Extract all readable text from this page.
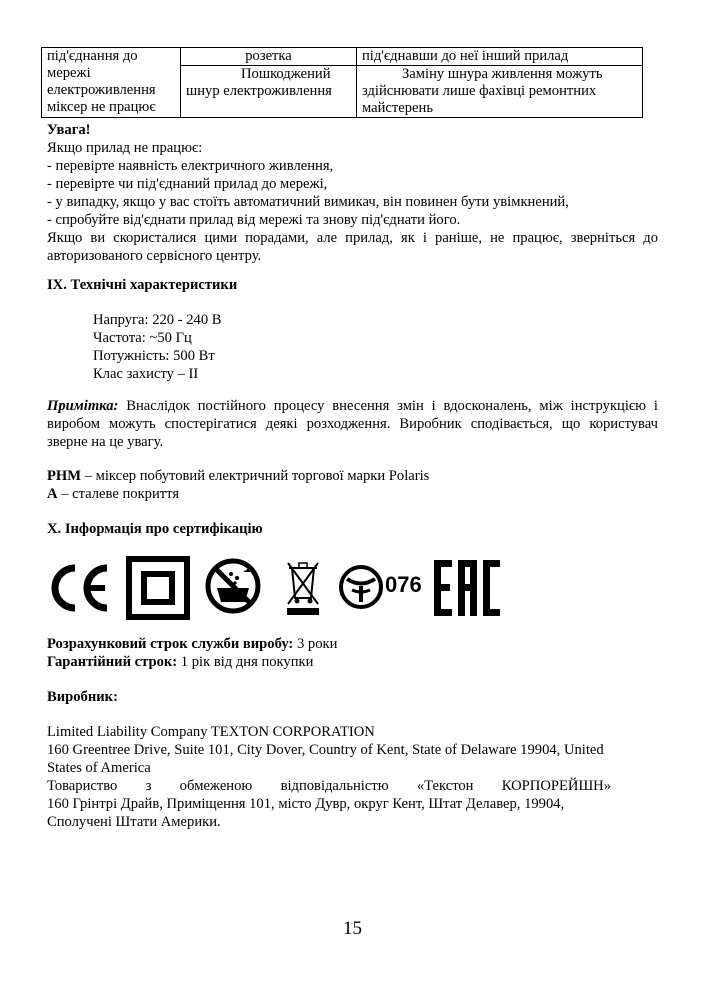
під'єднання до
мережі
електроживлення
міксер не працює	розетка	під'єднавши до неї інший прилад
	Пошкоджений шнур електроживлення	Заміну шнура живлення можуть здійснювати лише фахівці ремонтних майстерень

Увага!

Якщо прилад не працює:

- перевірте наявність електричного живлення,

- перевірте чи під'єднаний прилад до мережі,

- у випадку, якщо у вас стоїть автоматичний вимикач, він повинен бути увімкнений,

- спробуйте від'єднати прилад від мережі та знову під'єднати його.

Якщо ви скористалися цими порадами, але прилад, як і раніше, не працює, зверніться до авторизованого сервісного центру.

IX. Технічні характеристики

Напруга: 220 - 240 В

Частота: ~50 Гц

Потужність: 500 Вт

Клас захисту – II

Примітка: Внаслідок постійного процесу внесення змін і вдосконалень, між інструкцією і виробом можуть спостерігатися деякі розходження. Виробник сподівається, що користувач зверне на це увагу.

PHM – міксер побутовий електричний торгової марки Polaris

A – сталеве покриття

X. Інформація про сертифікацію

076

Розрахунковий строк служби виробу: 3 роки

Гарантійний строк: 1 рік від дня покупки

Виробник:

Limited Liability Company TEXTON CORPORATION

160 Greentree Drive, Suite 101, City Dover, Country of Kent, State of Delaware 19904, United

States of America

Товариство з обмеженою відповідальністю «Текстон КОРПОРЕЙШН»

160 Грінтрі Драйв, Приміщення 101, місто Дувр, округ Кент, Штат Делавер, 19904,

Сполучені Штати Америки.

15
